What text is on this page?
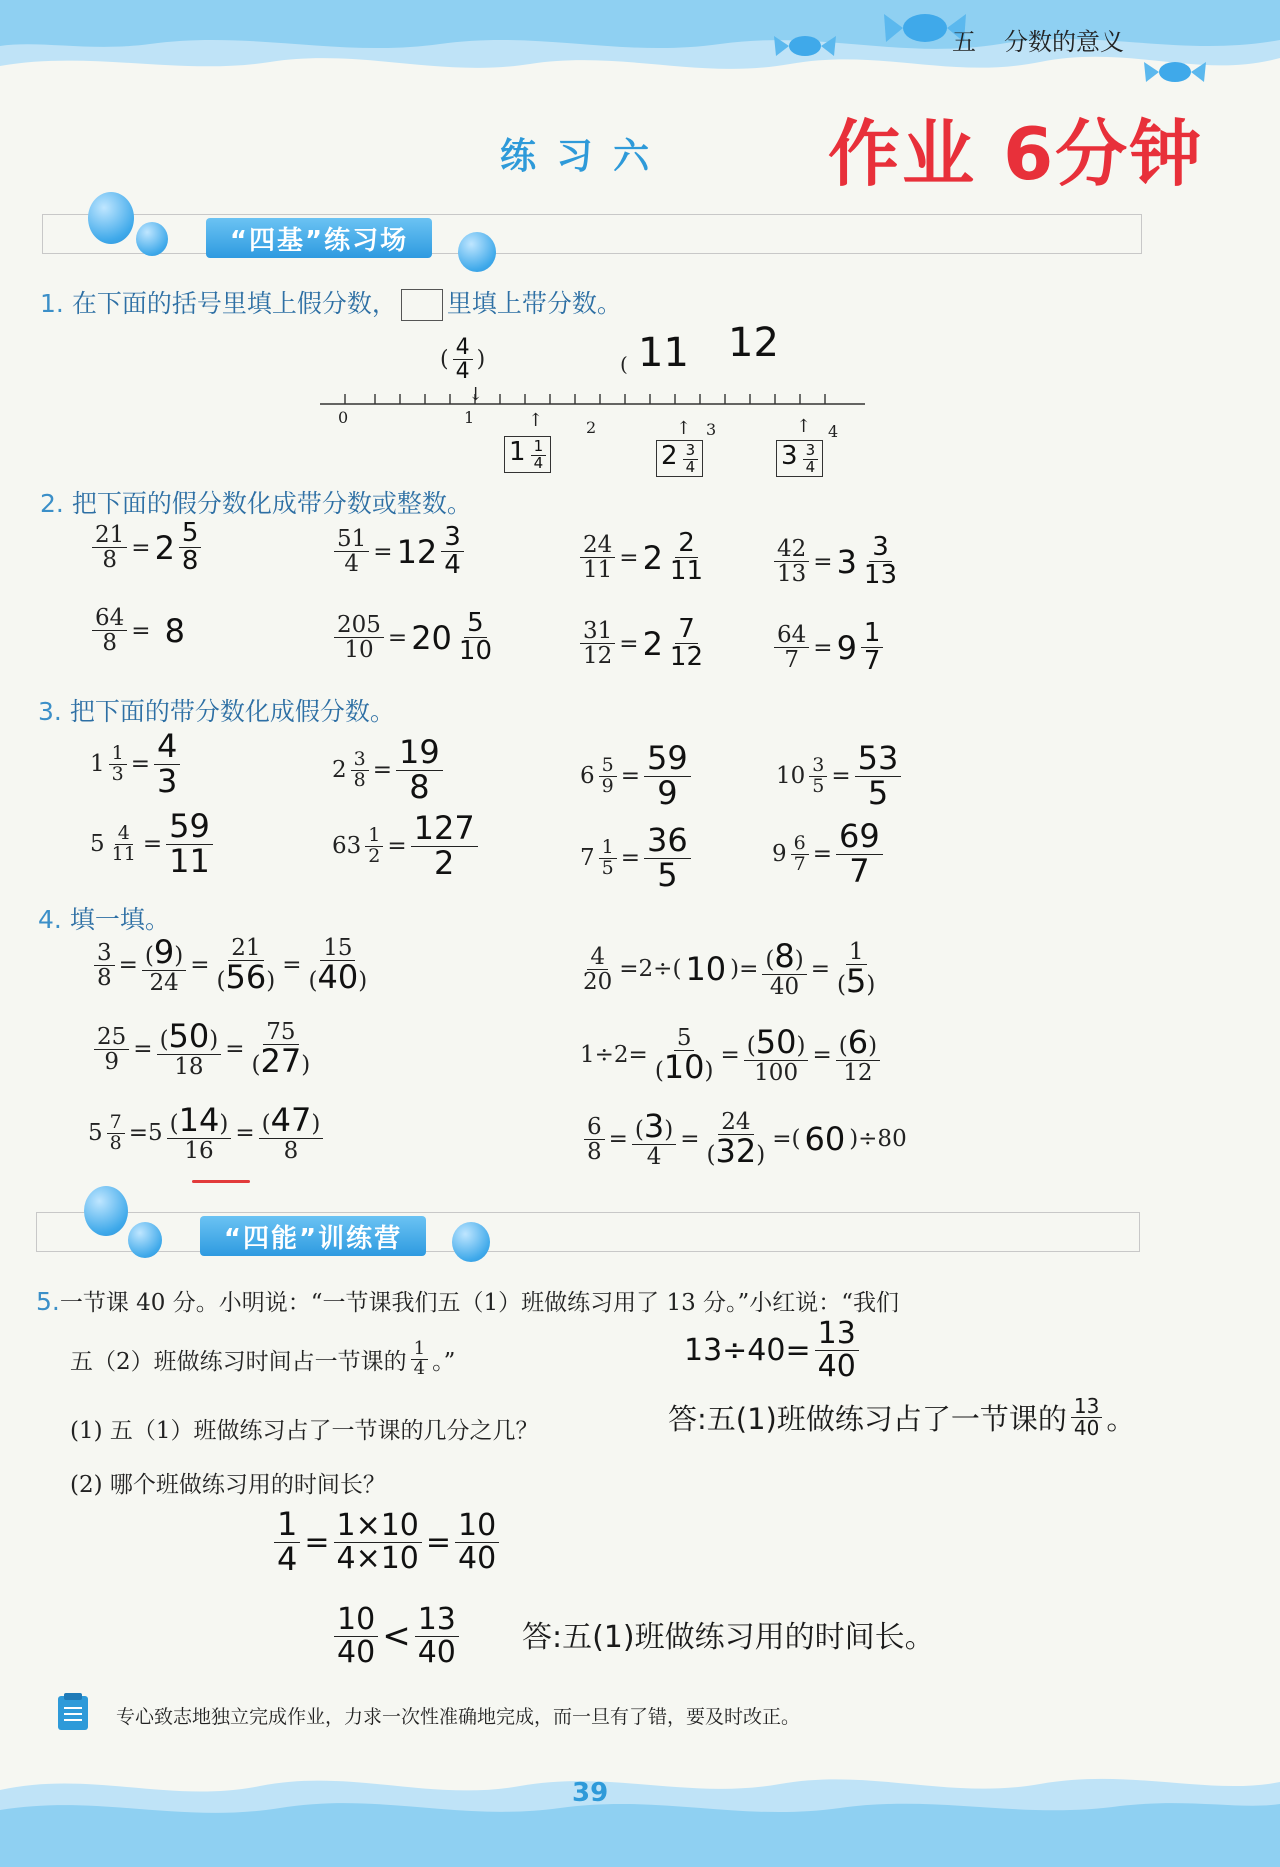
五 分数的意义
作业 6分钟
练 习 六
“四基”练习场
1. 在下面的括号里填上假分数， 里填上带分数。
0	1
2	3	4
( $\frac{4}{4}$ )
↓
( 11 12
↑	↑	↑
$1 \frac{1}{4}$	$2 \frac{3}{4}$	$3 \frac{3}{4}$
2. 把下面的假分数化成带分数或整数。
$\frac{21}{8} = 2 \frac{5}{8}$	$\frac{51}{4} = 12 \frac{3}{4}$	$\frac{24}{11} = 2 \frac{2}{11}$	$\frac{42}{13} = 3 \frac{3}{13}$
$\frac{64}{8} = 8$	$\frac{205}{10} = 20 \frac{5}{10}$	$\frac{31}{12} = 2 \frac{7}{12}$	$\frac{64}{7} = 9 \frac{1}{7}$
3. 把下面的带分数化成假分数。
$1 \frac{1}{3} = \frac{4}{3}$	$2 \frac{3}{8} = \frac{19}{8}$	$6 \frac{5}{9} = \frac{59}{9}$	$10 \frac{3}{5} = \frac{53}{5}$
$5 \frac{4}{11} = \frac{59}{11}$	$63 \frac{1}{2} = \frac{127}{2}$	$7 \frac{1}{5} = \frac{36}{5}$	$9 \frac{6}{7} = \frac{69}{7}$
4. 填一填。
$\frac{3}{8} = \frac{(9)}{24} = \frac{21}{(56)} = \frac{15}{(40)}$	$\frac{4}{20} =2\div$( 10 )= $\frac{(8)}{40} = \frac{1}{(5)}$
$\frac{25}{9} = \frac{(50)}{18} = \frac{75}{(27)}$	$1\div 2= \frac{5}{(10)} = \frac{(50)}{100} = \frac{(6)}{12}$
$5 \frac{7}{8} =5 \frac{(14)}{16} = \frac{(47)}{8}$	$\frac{6}{8} = \frac{(3)}{4} = \frac{24}{(32)}$ =( 60 )÷80
“四能”训练营
5.一节课 40 分。小明说：“一节课我们五（1）班做练习用了 13 分。”小红说：“我们
五（2）班做练习时间占一节课的 $\frac{1}{4}$ 。”	$13\div 40= \frac{13}{40}$
(1) 五（1）班做练习占了一节课的几分之几？	答:五(1)班做练习占了一节课的 $\frac{13}{40}$ 。
(2) 哪个班做练习用的时间长？
$\frac{1}{4} = \frac{1\times 10}{4\times 10} = \frac{10}{40}$
$\frac{10}{40} < \frac{13}{40}$ 答:五(1)班做练习用的时间长。
专心致志地独立完成作业，力求一次性准确地完成，而一旦有了错，要及时改正。
39
